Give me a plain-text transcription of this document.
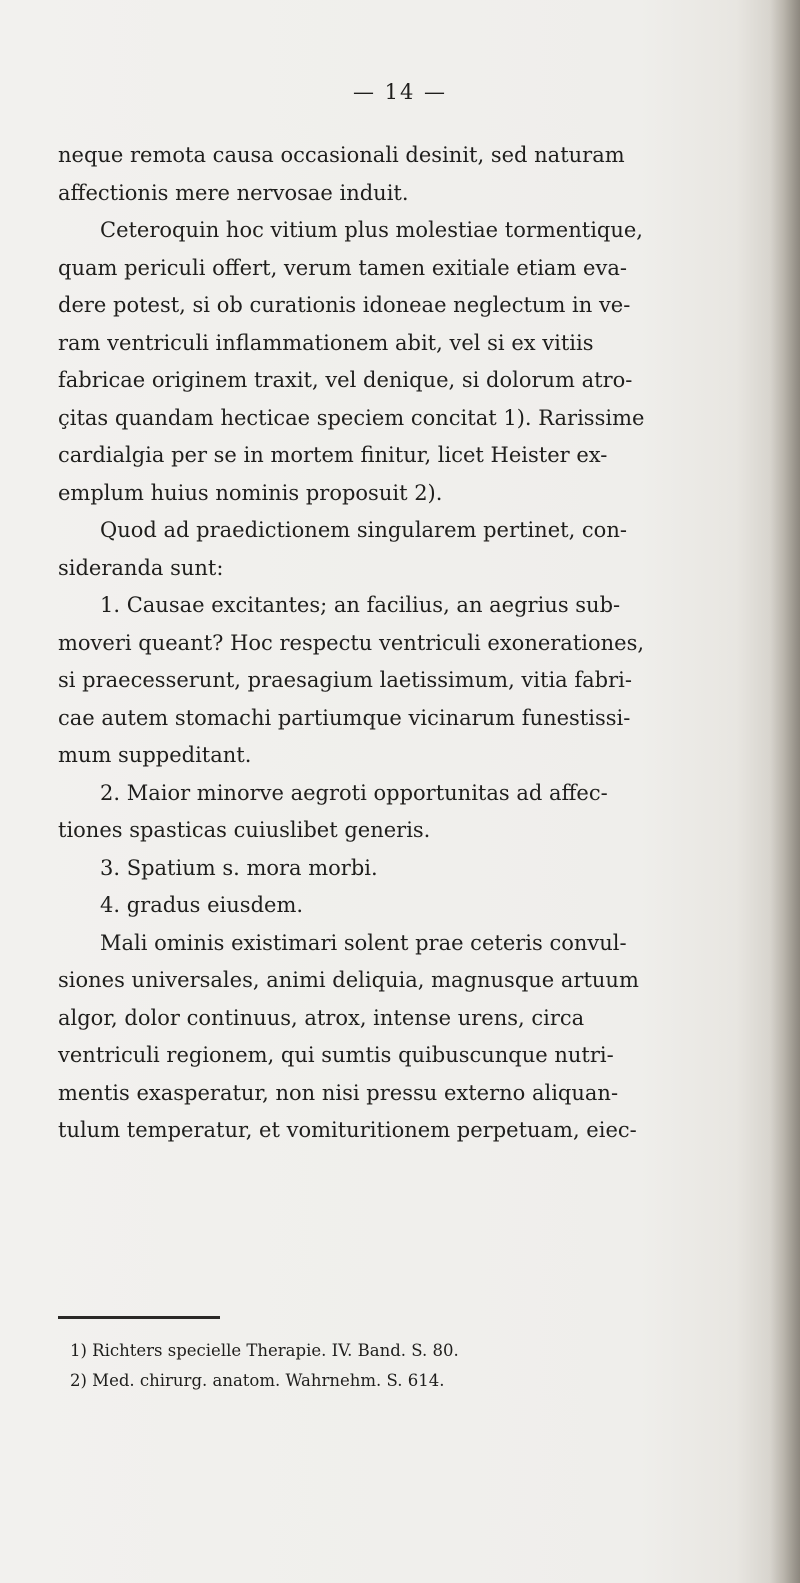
— 14 —
neque remota causa occasionali desinit, sed naturam
affectionis mere nervosae induit.
Ceteroquin hoc vitium plus molestiae tormentique,
quam periculi offert, verum tamen exitiale etiam eva-
dere potest, si ob curationis idoneae neglectum in ve-
ram ventriculi inflammationem abit, vel si ex vitiis
fabricae originem traxit, vel denique, si dolorum atro-
çitas quandam hecticae speciem concitat 1). Rarissime
cardialgia per se in mortem finitur, licet Heister ex-
emplum huius nominis proposuit 2).
Quod ad praedictionem singularem pertinet, con-
sideranda sunt:
1. Causae excitantes; an facilius, an aegrius sub-
moveri queant? Hoc respectu ventriculi exonerationes,
si praecesserunt, praesagium laetissimum, vitia fabri-
cae autem stomachi partiumque vicinarum funestissi-
mum suppeditant.
2. Maior minorve aegroti opportunitas ad affec-
tiones spasticas cuiuslibet generis.
3. Spatium s. mora morbi.
4. gradus eiusdem.
Mali ominis existimari solent prae ceteris convul-
siones universales, animi deliquia, magnusque artuum
algor, dolor continuus, atrox, intense urens, circa
ventriculi regionem, qui sumtis quibuscunque nutri-
mentis exasperatur, non nisi pressu externo aliquan-
tulum temperatur, et vomituritionem perpetuam, eiec-
1) Richters specielle Therapie. IV. Band. S. 80.
2) Med. chirurg. anatom. Wahrnehm. S. 614.
